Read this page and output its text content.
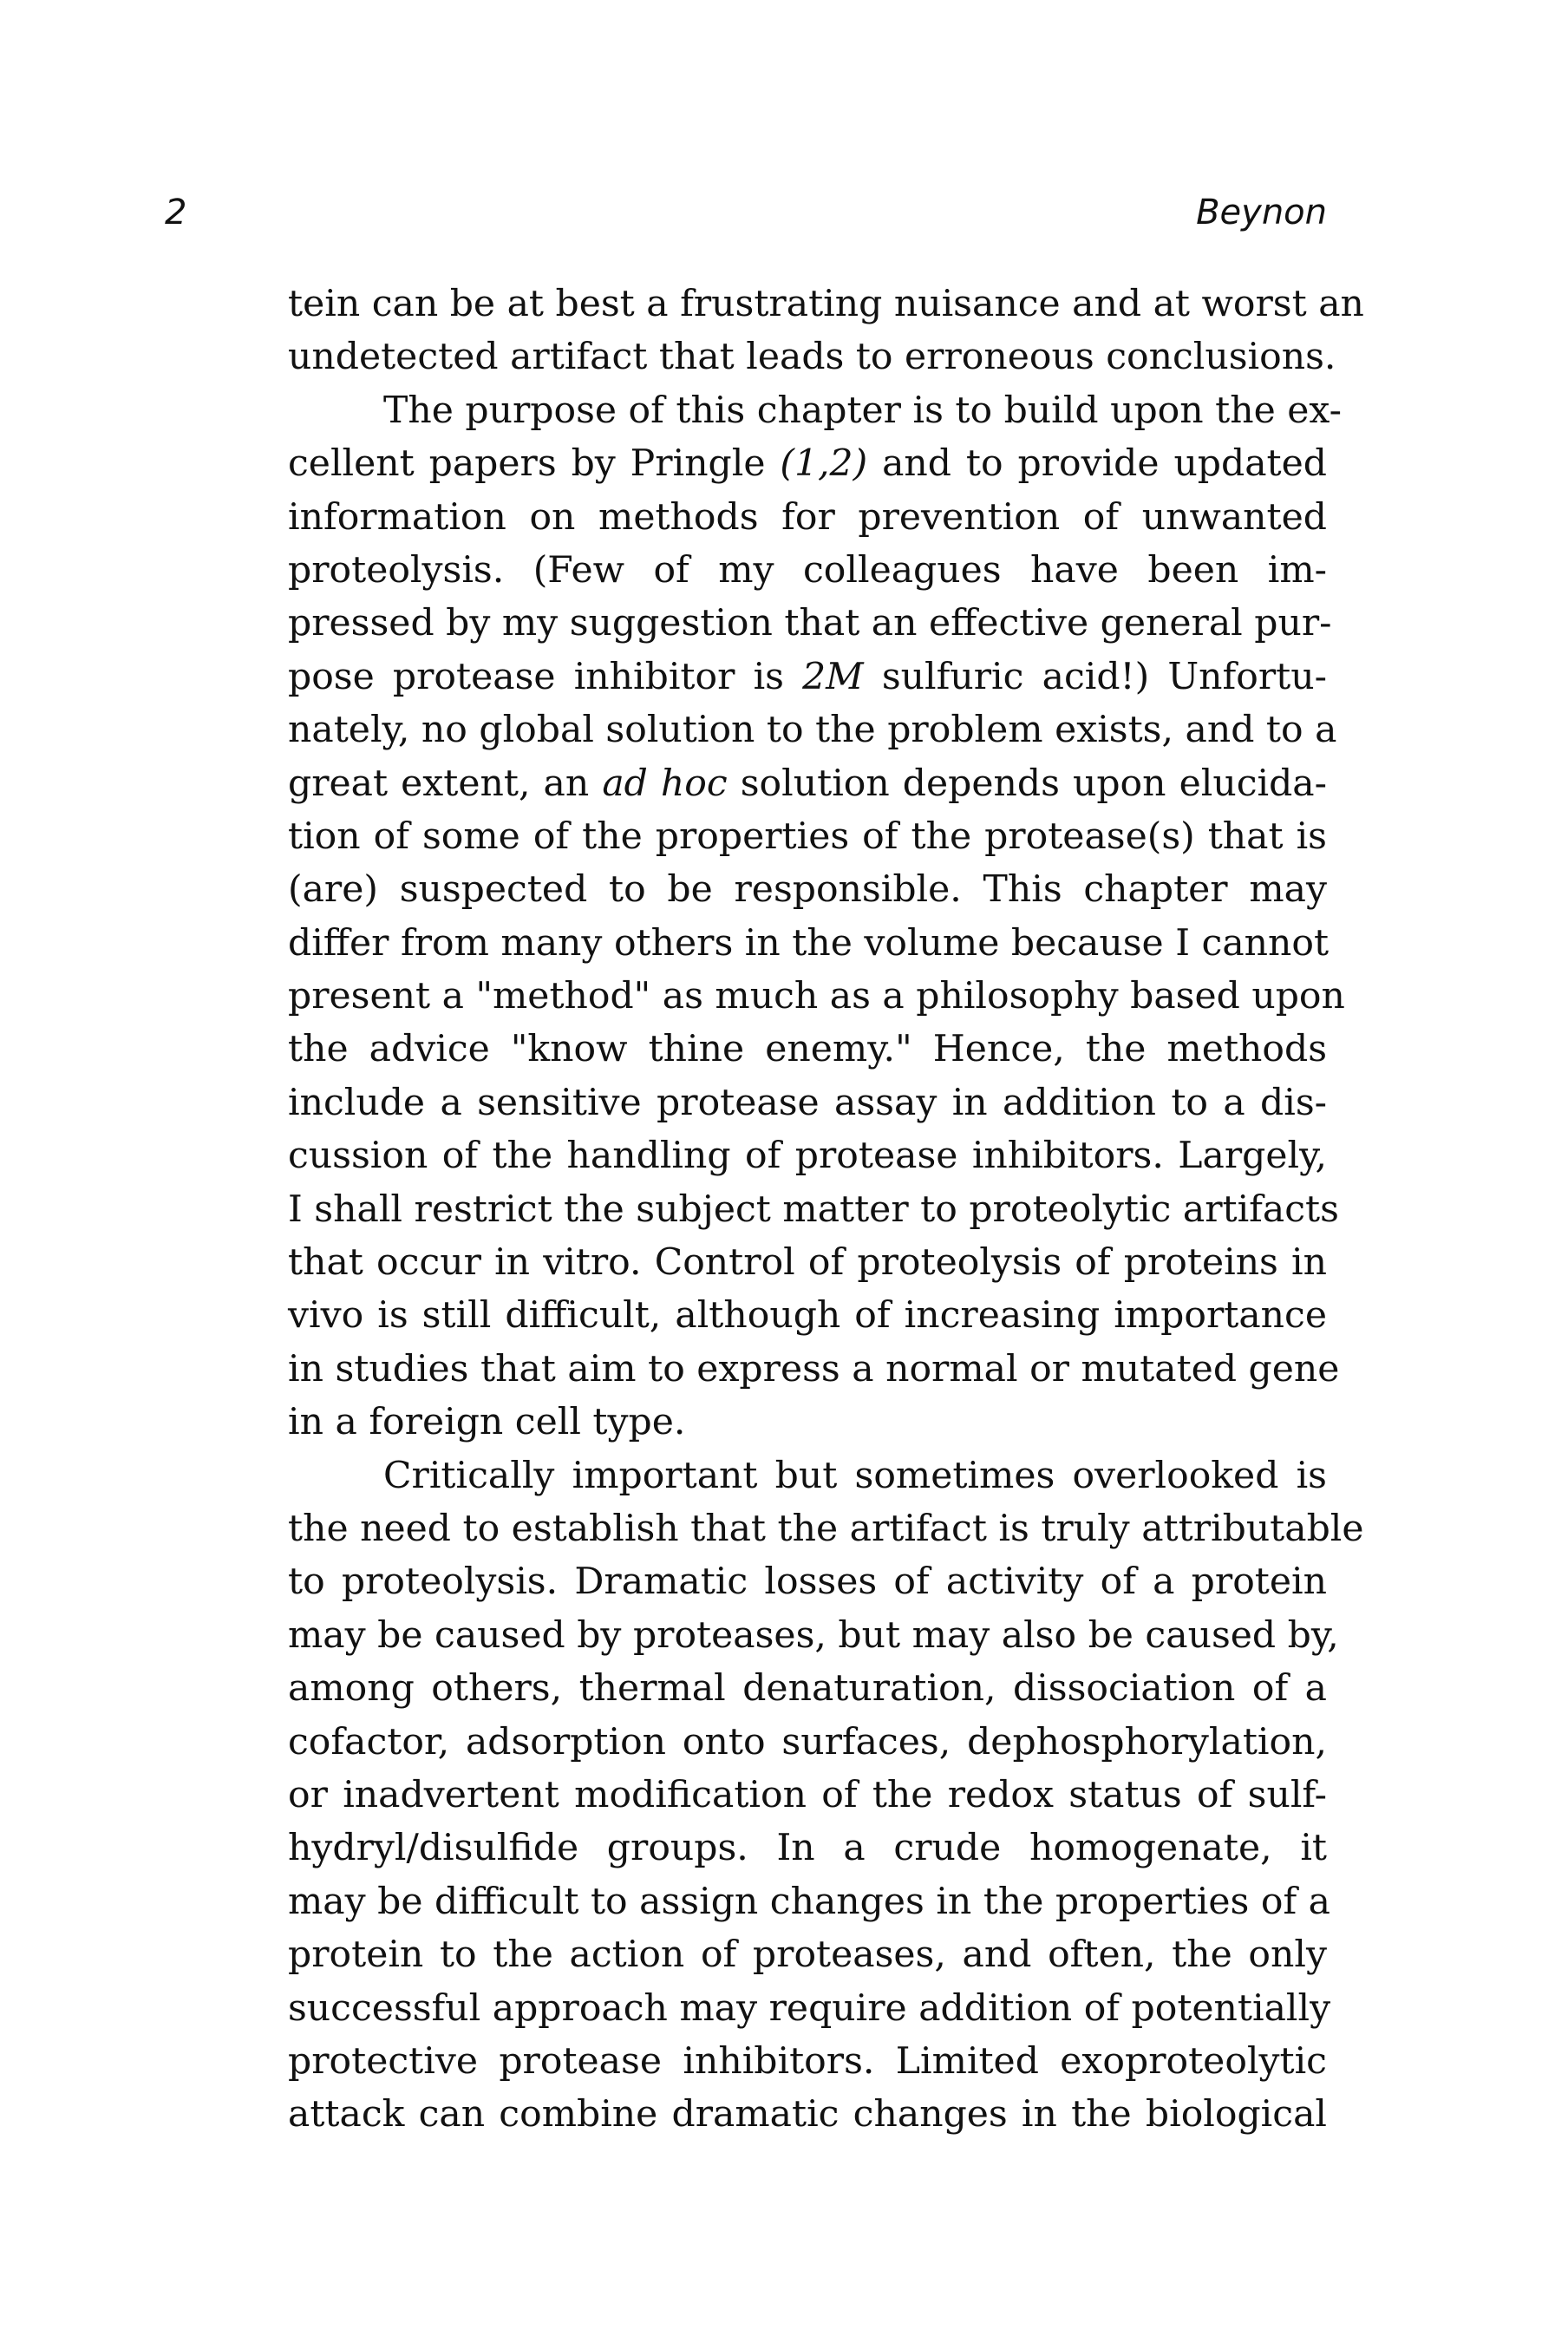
2	Beynon
tein can be at best a frustrating nuisance and at worst an
undetected artifact that leads to erroneous conclusions.
The purpose of this chapter is to build upon the ex-
cellent papers by Pringle (1,2) and to provide updated
information on methods for prevention of unwanted
proteolysis. (Few of my colleagues have been im-
pressed by my suggestion that an effective general pur-
pose protease inhibitor is 2M sulfuric acid!) Unfortu-
nately, no global solution to the problem exists, and to a
great extent, an ad hoc solution depends upon elucida-
tion of some of the properties of the protease(s) that is
(are) suspected to be responsible. This chapter may
differ from many others in the volume because I cannot
present a "method" as much as a philosophy based upon
the advice "know thine enemy." Hence, the methods
include a sensitive protease assay in addition to a dis-
cussion of the handling of protease inhibitors. Largely,
I shall restrict the subject matter to proteolytic artifacts
that occur in vitro. Control of proteolysis of proteins in
vivo is still difficult, although of increasing importance
in studies that aim to express a normal or mutated gene
in a foreign cell type.
Critically important but sometimes overlooked is
the need to establish that the artifact is truly attributable
to proteolysis. Dramatic losses of activity of a protein
may be caused by proteases, but may also be caused by,
among others, thermal denaturation, dissociation of a
cofactor, adsorption onto surfaces, dephosphorylation,
or inadvertent modification of the redox status of sulf-
hydryl/disulfide groups. In a crude homogenate, it
may be difficult to assign changes in the properties of a
protein to the action of proteases, and often, the only
successful approach may require addition of potentially
protective protease inhibitors. Limited exoproteolytic
attack can combine dramatic changes in the biological
